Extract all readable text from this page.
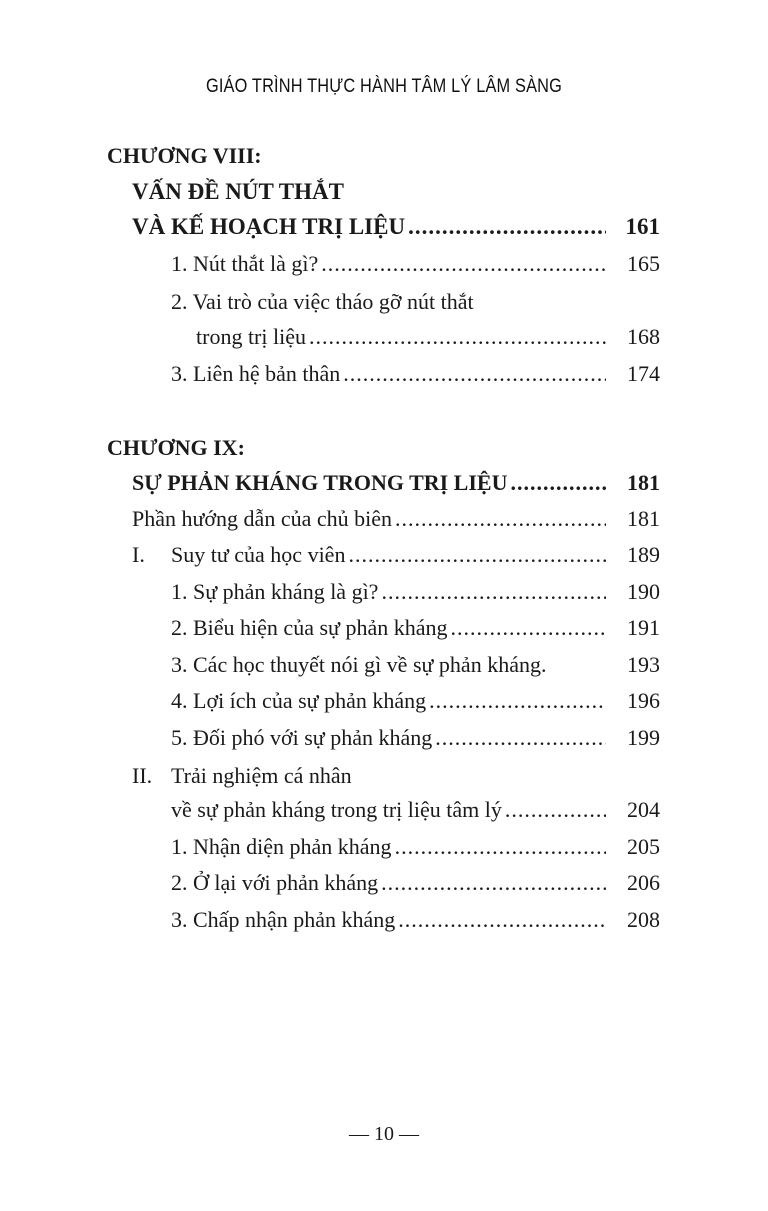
GIÁO TRÌNH THỰC HÀNH TÂM LÝ LÂM SÀNG
CHƯƠNG VIII:
VẤN ĐỀ NÚT THẮT
VÀ KẾ HOẠCH TRỊ LIỆU .....	161
1. Nút thắt là gì? .....	165
2. Vai trò của việc tháo gỡ nút thắt
trong trị liệu .....	168
3. Liên hệ bản thân .....	174
CHƯƠNG IX:
SỰ PHẢN KHÁNG TRONG TRỊ LIỆU .....	181
Phần hướng dẫn của chủ biên .....	181
I. Suy tư của học viên .....	189
1. Sự phản kháng là gì? .....	190
2. Biểu hiện của sự phản kháng .....	191
3. Các học thuyết nói gì về sự phản kháng.	193
4. Lợi ích của sự phản kháng .....	196
5. Đối phó với sự phản kháng .....	199
II. Trải nghiệm cá nhân
về sự phản kháng trong trị liệu tâm lý .....	204
1. Nhận diện phản kháng .....	205
2. Ở lại với phản kháng .....	206
3. Chấp nhận phản kháng .....	208
— 10 —
